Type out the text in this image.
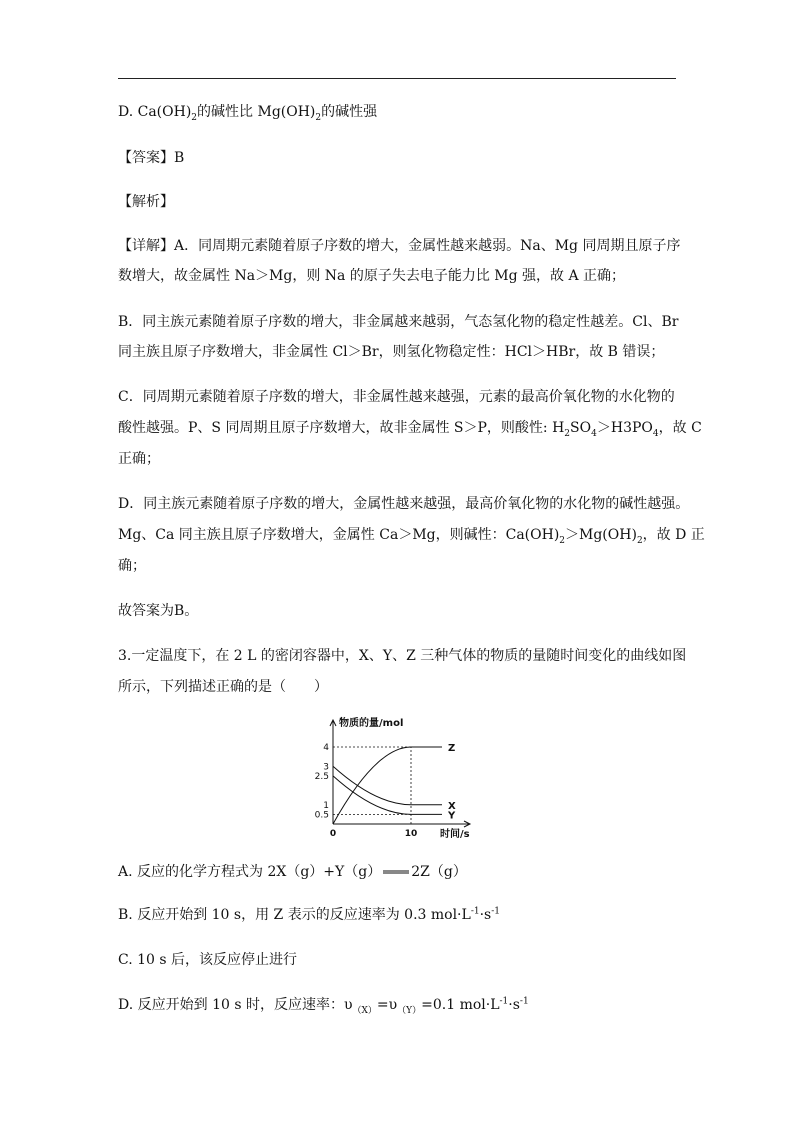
D. $Ca(OH)_2$的碱性比 $Mg(OH)_2$的碱性强
【答案】B
【解析】
【详解】A．同周期元素随着原子序数的增大，金属性越来越弱。Na、Mg 同周期且原子序
数增大，故金属性 Na＞Mg，则 Na 的原子失去电子能力比 Mg 强，故 A 正确；
B．同主族元素随着原子序数的增大，非金属越来越弱，气态氢化物的稳定性越差。Cl、Br
同主族且原子序数增大，非金属性 Cl＞Br，则氢化物稳定性：HCl＞HBr，故 B 错误；
C．同周期元素随着原子序数的增大，非金属性越来越强，元素的最高价氧化物的水化物的
酸性越强。P、S 同周期且原子序数增大，故非金属性 S＞P，则酸性: $H_2SO_4>H3PO_4$，故 C
正确；
D．同主族元素随着原子序数的增大，金属性越来越强，最高价氧化物的水化物的碱性越强。
Mg、Ca 同主族且原子序数增大，金属性 Ca＞Mg，则碱性：$Ca(OH)_2>Mg(OH)_2$，故 D 正
确；
故答案为B。
3.一定温度下，在 2 L 的密闭容器中，X、Y、Z 三种气体的物质的量随时间变化的曲线如图
所示，下列描述正确的是（　　）
物质的量/mol
时间/s
4
3
2.5
1
0.5
0	10
Z
X
Y
A. 反应的化学方程式为 2X（g）+Y（g） 2Z（g）
B. 反应开始到 10 s，用 Z 表示的反应速率为 0.3 $mol\cdot L^{-1}\cdot s^{-1}$
C. 10 s 后，该反应停止进行
D. 反应开始到 10 s 时，反应速率：$\upsilon_{(X)}=\upsilon_{(Y)}=0.1$ $mol\cdot L^{-1}\cdot s^{-1}$
